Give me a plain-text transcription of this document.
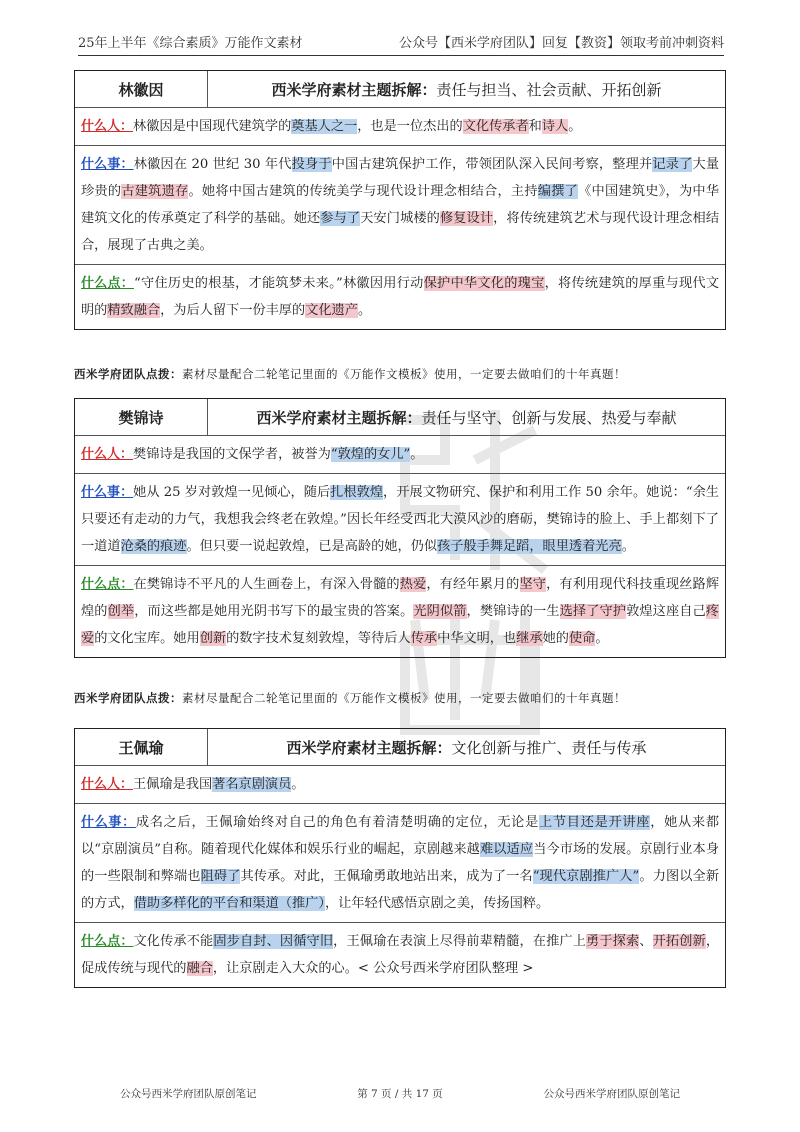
25年上半年《综合素质》万能作文素材	公众号【西米学府团队】回复【教资】领取考前冲刺资料
林徽因	西米学府素材主题拆解： 责任与担当、社会贡献、开拓创新
什么人：林徽因是中国现代建筑学的奠基人之一，也是一位杰出的文化传承者和诗人。
什么事：林徽因在 20 世纪 30 年代投身于中国古建筑保护工作，带领团队深入民间考察，整理并记录了大量珍贵的古建筑遗存。她将中国古建筑的传统美学与现代设计理念相结合，主持编撰了《中国建筑史》，为中华建筑文化的传承奠定了科学的基础。她还参与了天安门城楼的修复设计，将传统建筑艺术与现代设计理念相结合，展现了古典之美。
什么点：“守住历史的根基，才能筑梦未来。”林徽因用行动保护中华文化的瑰宝，将传统建筑的厚重与现代文明的精致融合，为后人留下一份丰厚的文化遗产。
西米学府团队点拨：素材尽量配合二轮笔记里面的《万能作文模板》使用，一定要去做咱们的十年真题！
樊锦诗	西米学府素材主题拆解： 责任与坚守、创新与发展、热爱与奉献
什么人：樊锦诗是我国的文保学者，被誉为“敦煌的女儿”。
什么事：她从 25 岁对敦煌一见倾心，随后扎根敦煌，开展文物研究、保护和利用工作 50 余年。她说：“余生只要还有走动的力气，我想我会终老在敦煌。”因长年经受西北大漠风沙的磨砺，樊锦诗的脸上、手上都刻下了一道道沧桑的痕迹。但只要一说起敦煌，已是高龄的她，仍似孩子般手舞足蹈，眼里透着光亮。
什么点：在樊锦诗不平凡的人生画卷上，有深入骨髓的热爱，有经年累月的坚守，有利用现代科技重现丝路辉煌的创举，而这些都是她用光阴书写下的最宝贵的答案。光阴似箭，樊锦诗的一生选择了守护敦煌这座自己疼爱的文化宝库。她用创新的数字技术复刻敦煌，等待后人传承中华文明，也继承她的使命。
西米学府团队点拨：素材尽量配合二轮笔记里面的《万能作文模板》使用，一定要去做咱们的十年真题！
王佩瑜	西米学府素材主题拆解： 文化创新与推广、责任与传承
什么人：王佩瑜是我国著名京剧演员。
什么事：成名之后，王佩瑜始终对自己的角色有着清楚明确的定位，无论是上节目还是开讲座，她从来都以“京剧演员”自称。随着现代化媒体和娱乐行业的崛起，京剧越来越难以适应当今市场的发展。京剧行业本身的一些限制和弊端也阻碍了其传承。对此，王佩瑜勇敢地站出来，成为了一名“现代京剧推广人”。力图以全新的方式，借助多样化的平台和渠道（推广），让年轻代感悟京剧之美，传扬国粹。
什么点：文化传承不能固步自封、因循守旧，王佩瑜在表演上尽得前辈精髓，在推广上勇于探索、开拓创新，促成传统与现代的融合，让京剧走入大众的心。< 公众号西米学府团队整理 >
公众号西米学府团队原创笔记	第 7 页 / 共 17 页	公众号西米学府团队原创笔记
